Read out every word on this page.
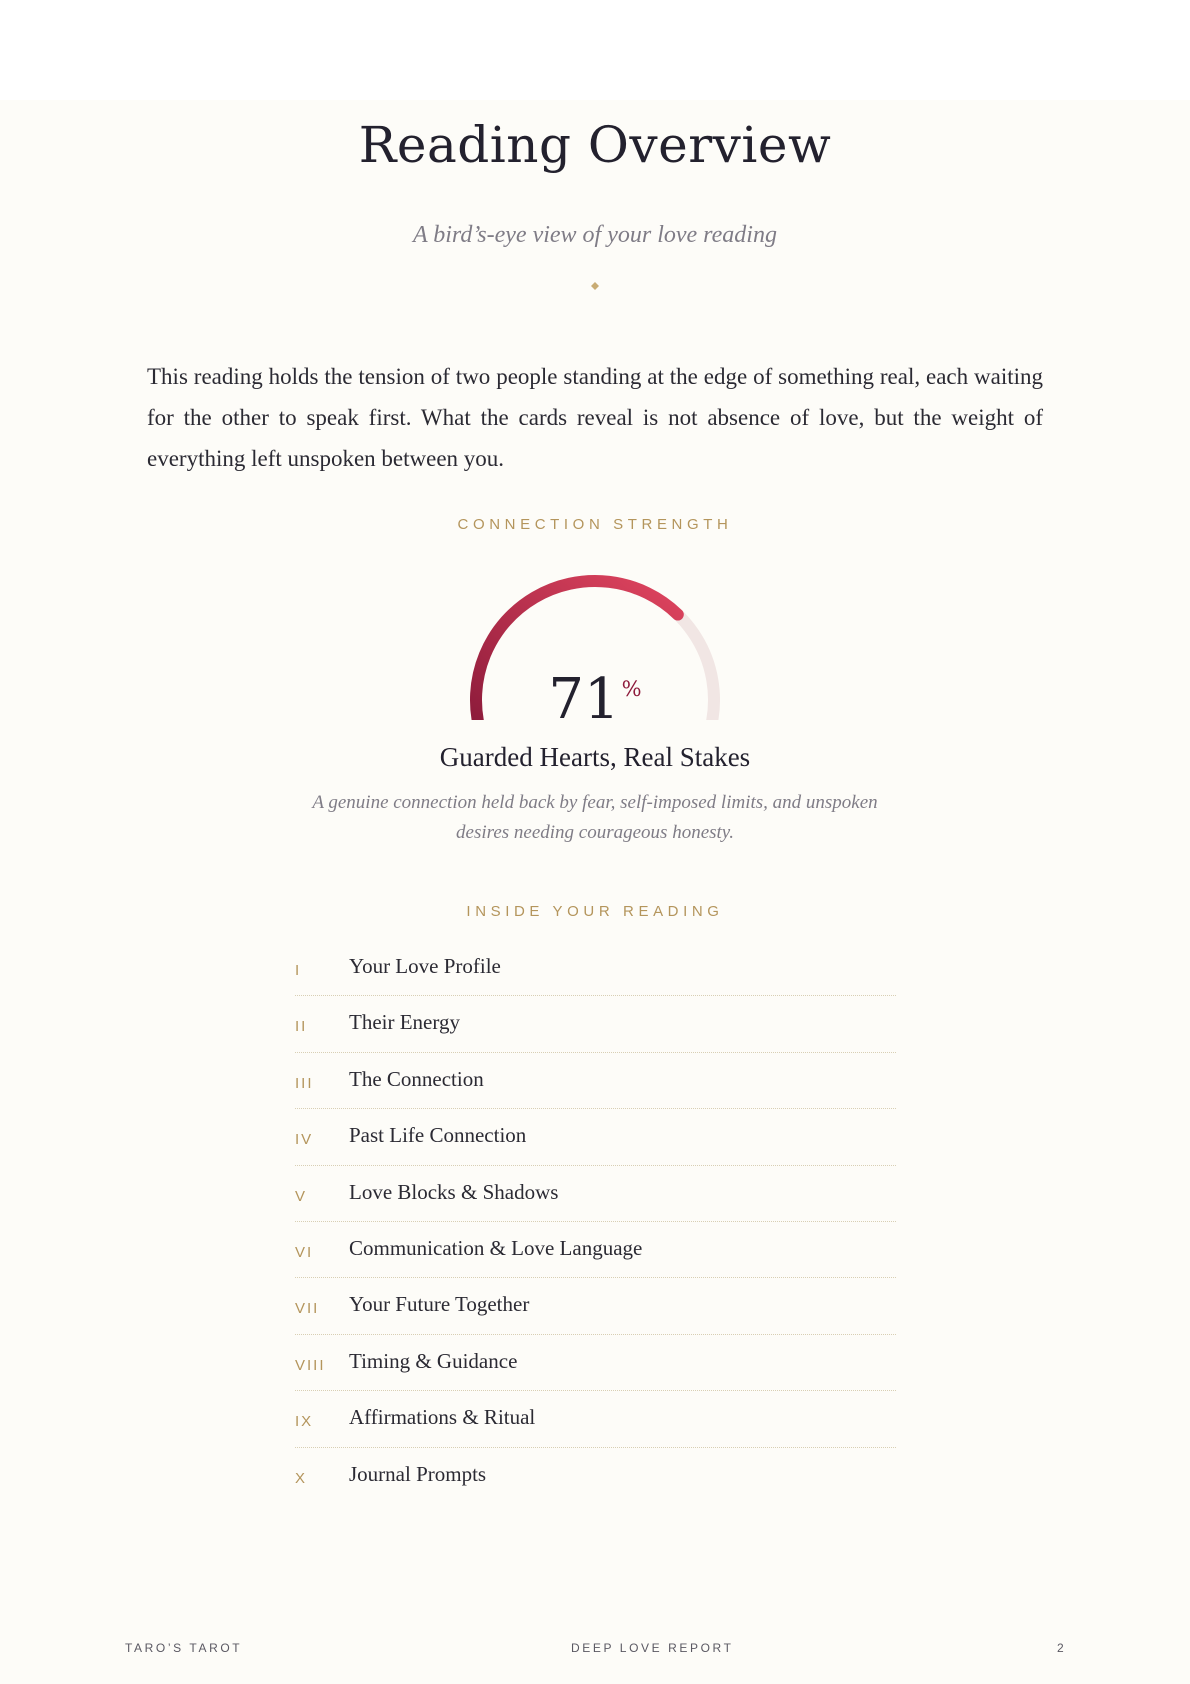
Reading Overview
A bird’s-eye view of your love reading

This reading holds the tension of two people standing at the edge of something real, each waiting for the other to speak first. What the cards reveal is not absence of love, but the weight of everything left unspoken between you.

CONNECTION STRENGTH
71%
Guarded Hearts, Real Stakes

A genuine connection held back by fear, self-imposed limits, and unspoken desires needing courageous honesty.

INSIDE YOUR READING
I Your Love Profile
II Their Energy
III The Connection
IV Past Life Connection
V Love Blocks & Shadows
VI Communication & Love Language
VII Your Future Together
VIII Timing & Guidance
IX Affirmations & Ritual
X Journal Prompts
TARO’S TAROT	DEEP LOVE REPORT	2
